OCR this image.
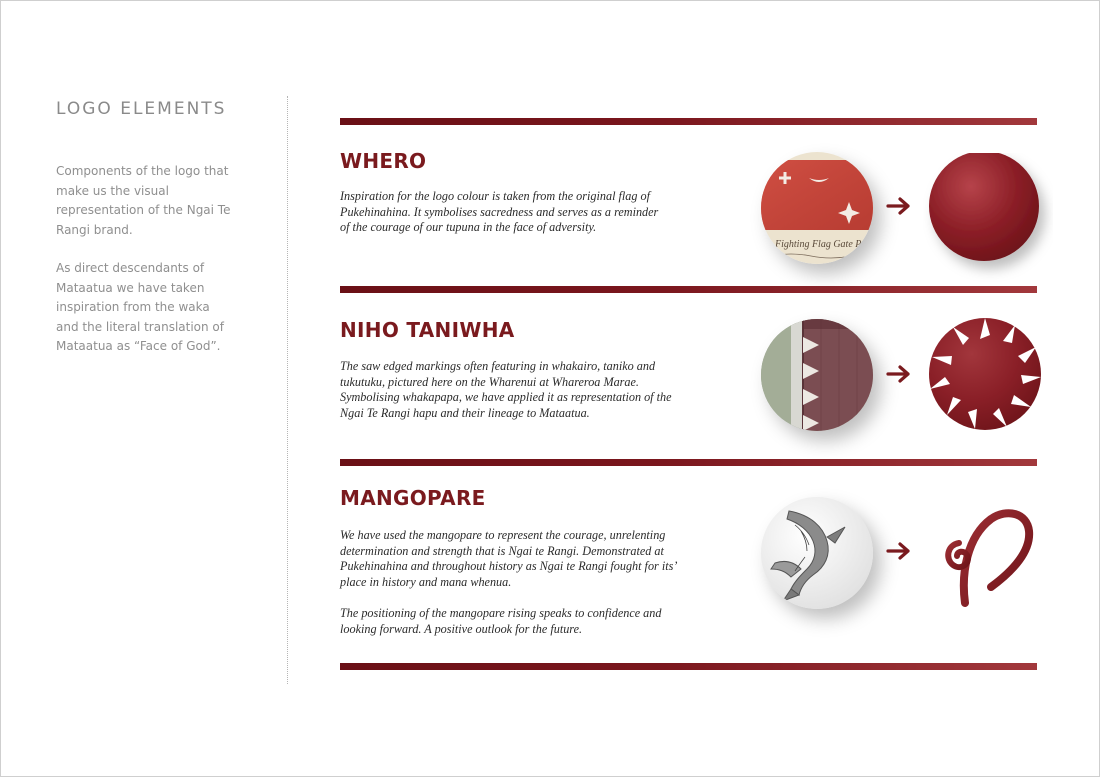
LOGO ELEMENTS

Components of the logo that make us the visual representation of the Ngai Te Rangi brand.

As direct descendants of Mataatua we have taken inspiration from the waka and the literal translation of Mataatua as “Face of God”.

WHERO

Inspiration for the logo colour is taken from the original flag of Pukehinahina. It symbolises sacredness and serves as a reminder of the courage of our tupuna in the face of adversity.

Fighting Flag Gate Pa
NIHO TANIWHA

The saw edged markings often featuring in whakairo, taniko and tukutuku, pictured here on the Wharenui at Whareroa Marae. Symbolising whakapapa, we have applied it as representation of the Ngai Te Rangi hapu and their lineage to Mataatua.

MANGOPARE

We have used the mangopare to represent the courage, unrelenting determination and strength that is Ngai te Rangi. Demonstrated at Pukehinahina and throughout history as Ngai te Rangi fought for its’ place in history and mana whenua.

The positioning of the mangopare rising speaks to confidence and looking forward. A positive outlook for the future.
